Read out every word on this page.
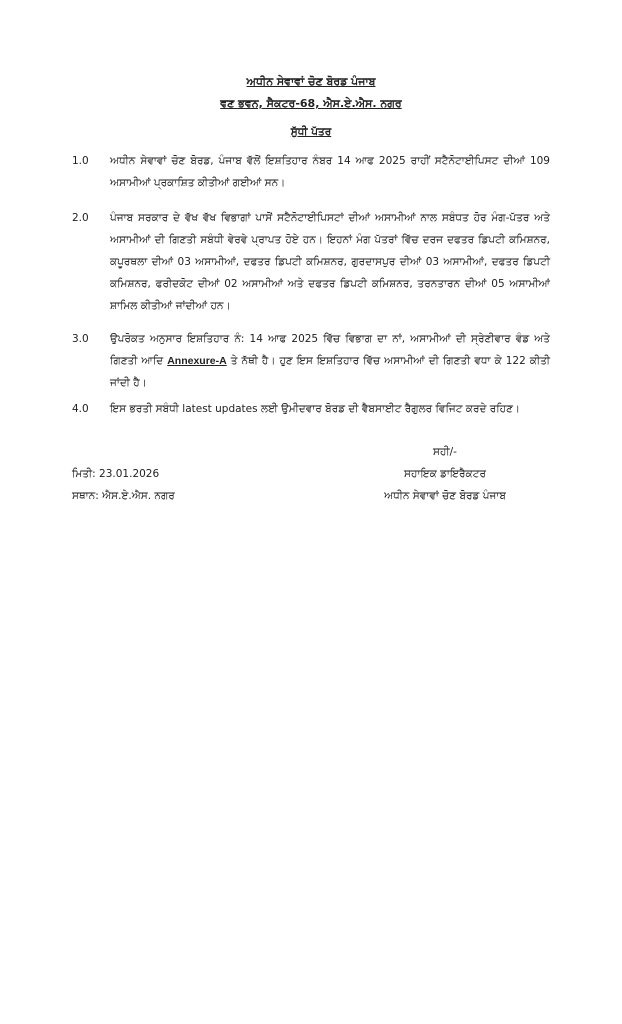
ਅਧੀਨ ਸੇਵਾਵਾਂ ਚੋਣ ਬੋਰਡ ਪੰਜਾਬ
ਵਣ ਭਵਨ, ਸੈਕਟਰ-68, ਐਸ.ਏ.ਐਸ. ਨਗਰ
ਸੁੱਧੀ ਪੱਤਰ
1.0	ਅਧੀਨ ਸੇਵਾਵਾਂ ਚੋਣ ਬੋਰਡ, ਪੰਜਾਬ ਵੱਲੋਂ ਇਸ਼ਤਿਹਾਰ ਨੰਬਰ 14 ਆਫ 2025 ਰਾਹੀਂ ਸਟੈਨੋਟਾਈਪਿਸਟ ਦੀਆਂ 109 ਅਸਾਮੀਆਂ ਪ੍ਰਕਾਸ਼ਿਤ ਕੀਤੀਆਂ ਗਈਆਂ ਸਨ।
2.0	ਪੰਜਾਬ ਸਰਕਾਰ ਦੇ ਵੱਖ ਵੱਖ ਵਿਭਾਗਾਂ ਪਾਸੋਂ ਸਟੈਨੋਟਾਈਪਿਸਟਾਂ ਦੀਆਂ ਅਸਾਮੀਆਂ ਨਾਲ ਸਬੰਧਤ ਹੋਰ ਮੰਗ-ਪੱਤਰ ਅਤੇ ਅਸਾਮੀਆਂ ਦੀ ਗਿਣਤੀ ਸਬੰਧੀ ਵੇਰਵੇ ਪ੍ਰਾਪਤ ਹੋਏ ਹਨ। ਇਹਨਾਂ ਮੰਗ ਪੱਤਰਾਂ ਵਿੱਚ ਦਰਜ ਦਫਤਰ ਡਿਪਟੀ ਕਮਿਸ਼ਨਰ, ਕਪੂਰਥਲਾ ਦੀਆਂ 03 ਅਸਾਮੀਆਂ, ਦਫਤਰ ਡਿਪਟੀ ਕਮਿਸ਼ਨਰ, ਗੁਰਦਾਸਪੁਰ ਦੀਆਂ 03 ਅਸਾਮੀਆਂ, ਦਫਤਰ ਡਿਪਟੀ ਕਮਿਸ਼ਨਰ, ਫਰੀਦਕੋਟ ਦੀਆਂ 02 ਅਸਾਮੀਆਂ ਅਤੇ ਦਫਤਰ ਡਿਪਟੀ ਕਮਿਸ਼ਨਰ, ਤਰਨਤਾਰਨ ਦੀਆਂ 05 ਅਸਾਮੀਆਂ ਸ਼ਾਮਿਲ ਕੀਤੀਆਂ ਜਾਂਦੀਆਂ ਹਨ।
3.0	ਉਪਰੋਕਤ ਅਨੁਸਾਰ ਇਸ਼ਤਿਹਾਰ ਨੰ: 14 ਆਫ 2025 ਵਿੱਚ ਵਿਭਾਗ ਦਾ ਨਾਂ, ਅਸਾਮੀਆਂ ਦੀ ਸ੍ਰੇਣੀਵਾਰ ਵੰਡ ਅਤੇ ਗਿਣਤੀ ਆਦਿ Annexure-A ਤੇ ਨੱਥੀ ਹੈ। ਹੁਣ ਇਸ ਇਸ਼ਤਿਹਾਰ ਵਿੱਚ ਅਸਾਮੀਆਂ ਦੀ ਗਿਣਤੀ ਵਧਾ ਕੇ 122 ਕੀਤੀ ਜਾਂਦੀ ਹੈ।
4.0	ਇਸ ਭਰਤੀ ਸਬੰਧੀ latest updates ਲਈ ਉਮੀਦਵਾਰ ਬੋਰਡ ਦੀ ਵੈਬਸਾਈਟ ਰੈਗੁਲਰ ਵਿਜਿਟ ਕਰਦੇ ਰਹਿਣ।
ਸਹੀ/-
ਮਿਤੀ: 23.01.2026	ਸਹਾਇਕ ਡਾਇਰੈਕਟਰ
ਸਥਾਨ: ਐਸ.ਏ.ਐਸ. ਨਗਰ	ਅਧੀਨ ਸੇਵਾਵਾਂ ਚੋਣ ਬੋਰਡ ਪੰਜਾਬ
